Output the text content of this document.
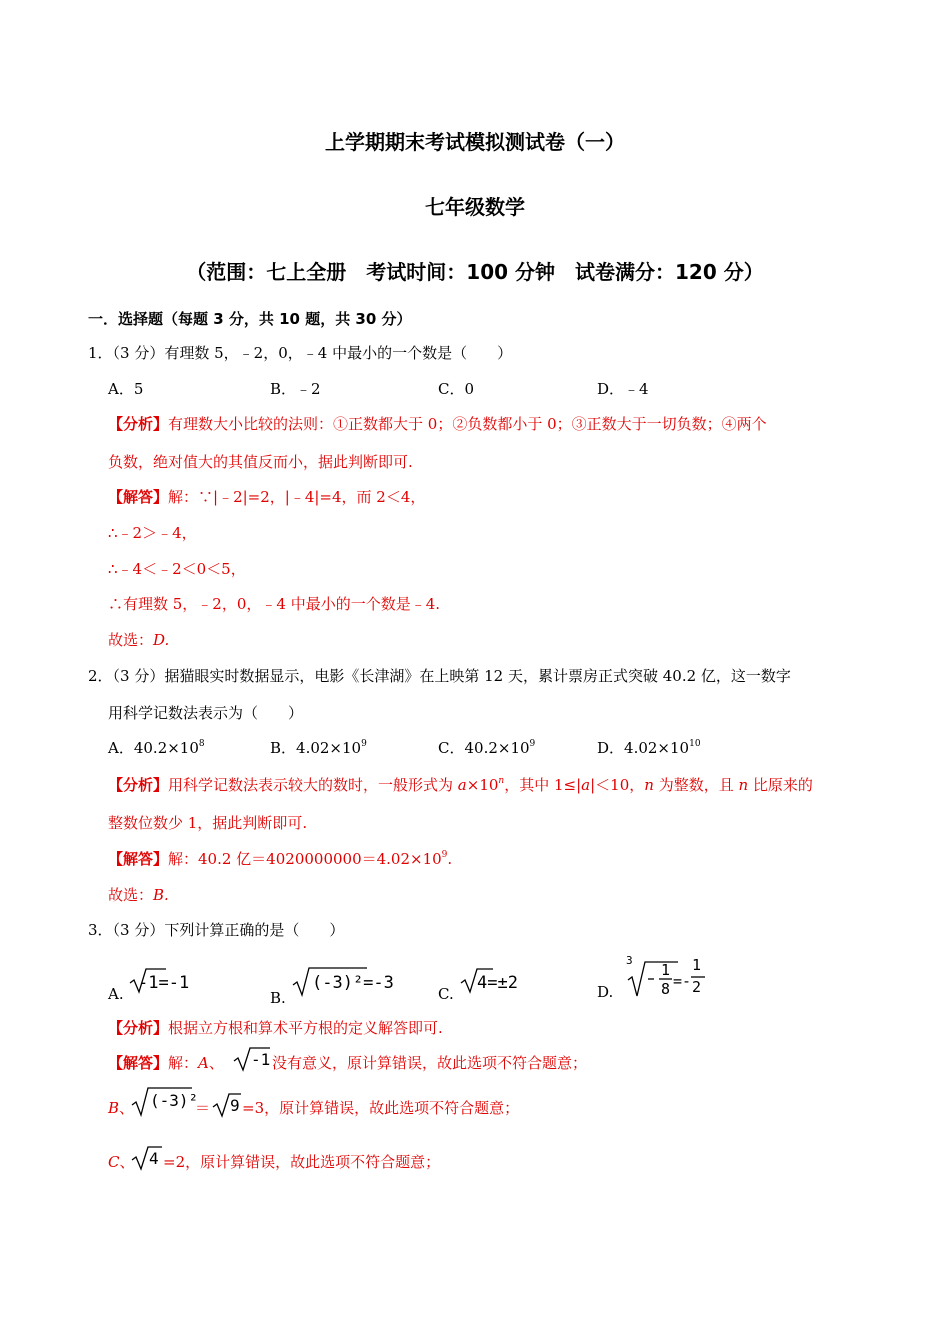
上学期期末考试模拟测试卷（一）
七年级数学
（范围：七上全册　考试时间：100 分钟　试卷满分：120 分）
一．选择题（每题 3 分，共 10 题，共 30 分）
1．（3 分）有理数 5，﹣2，0，﹣4 中最小的一个数是（　　）
A．5	B．﹣2	C．0	D．﹣4
【分析】有理数大小比较的法则：①正数都大于 0；②负数都小于 0；③正数大于一切负数；④两个
负数，绝对值大的其值反而小，据此判断即可.
【解答】解：∵|﹣2|=2，|﹣4|=4，而 2＜4，
∴﹣2＞﹣4，
∴﹣4＜﹣2＜0＜5，
∴有理数 5，﹣2，0，﹣4 中最小的一个数是﹣4.
故选：D.
2．（3 分）据猫眼实时数据显示，电影《长津湖》在上映第 12 天，累计票房正式突破 40.2 亿，这一数字
用科学记数法表示为（　　）
A．$40.2\times 10^8$	B．$4.02\times 10^9$	C．$40.2\times 10^9$	D．$4.02\times 10^{10}$
【分析】用科学记数法表示较大的数时，一般形式为 $a\times 10^n$，其中 1≤|a|＜10，n 为整数，且 n 比原来的
整数位数少 1，据此判断即可.
【解答】解：40.2 亿$=4020000000=4.02\times 10^9$.
故选：B.
3．（3 分）下列计算正确的是（　　）
A.
-1=-1
B.
(-3)²=-3
C.
4=±2	D.
3
1
8 =-
1
2
【分析】根据立方根和算术平方根的定义解答即可.
【解答】解：A、	-1 没有意义，原计算错误，故此选项不符合题意；
B、 (-3)²
＝ 9 =3，原计算错误，故此选项不符合题意；
C、 4 =2，原计算错误，故此选项不符合题意；
